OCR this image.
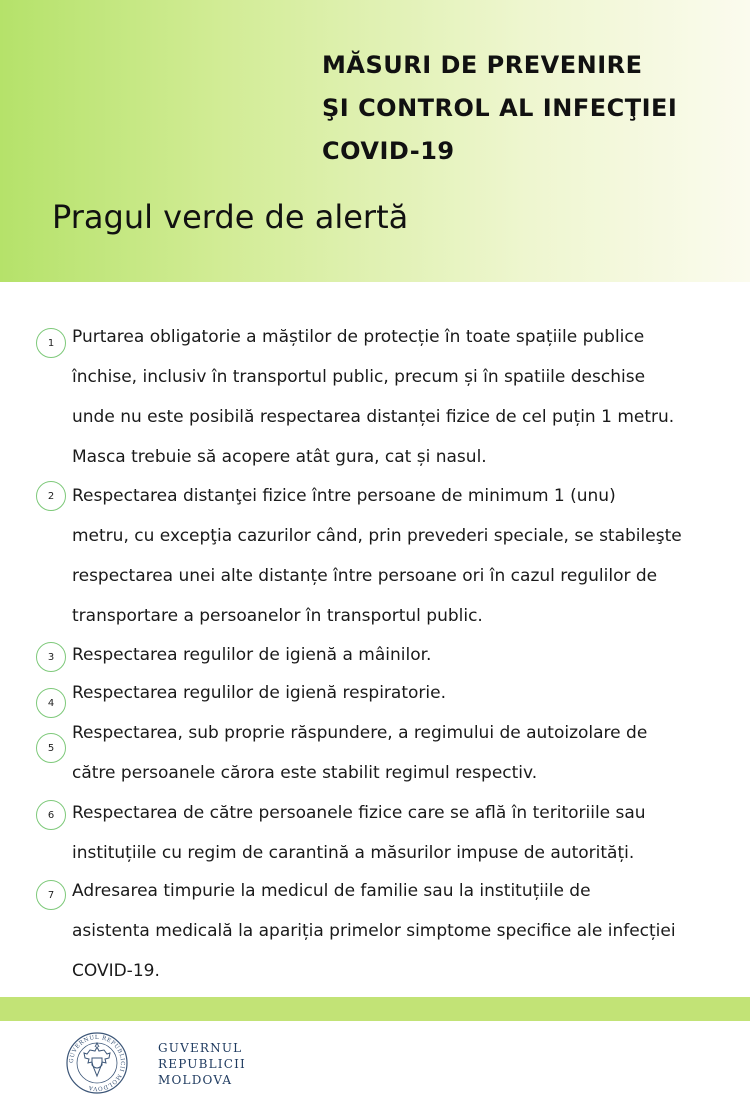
MĂSURI DE PREVENIRE
ŞI CONTROL AL INFECŢIEI
COVID-19
Pragul verde de alertă
1	Purtarea obligatorie a măștilor de protecție în toate spațiile publice
închise, inclusiv în transportul public, precum și în spatiile deschise
unde nu este posibilă respectarea distanței fizice de cel puțin 1 metru.
Masca trebuie să acopere atât gura, cat și nasul.
2	Respectarea distanţei fizice între persoane de minimum 1 (unu)
metru, cu excepţia cazurilor când, prin prevederi speciale, se stabileşte
respectarea unei alte distanțe între persoane ori în cazul regulilor de
transportare a persoanelor în transportul public.
3	Respectarea regulilor de igienă a mâinilor.
4	Respectarea regulilor de igienă respiratorie.
5
Respectarea, sub proprie răspundere, a regimului de autoizolare de
către persoanele cărora este stabilit regimul respectiv.
6	Respectarea de către persoanele fizice care se află în teritoriile sau
instituțiile cu regim de carantină a măsurilor impuse de autorități.
7	Adresarea timpurie la medicul de familie sau la instituțiile de
asistenta medicală la apariția primelor simptome specifice ale infecției
COVID-19.
GUVERNUL REPUBLICII MOLDOVA
GUVERNUL
REPUBLICII
MOLDOVA
